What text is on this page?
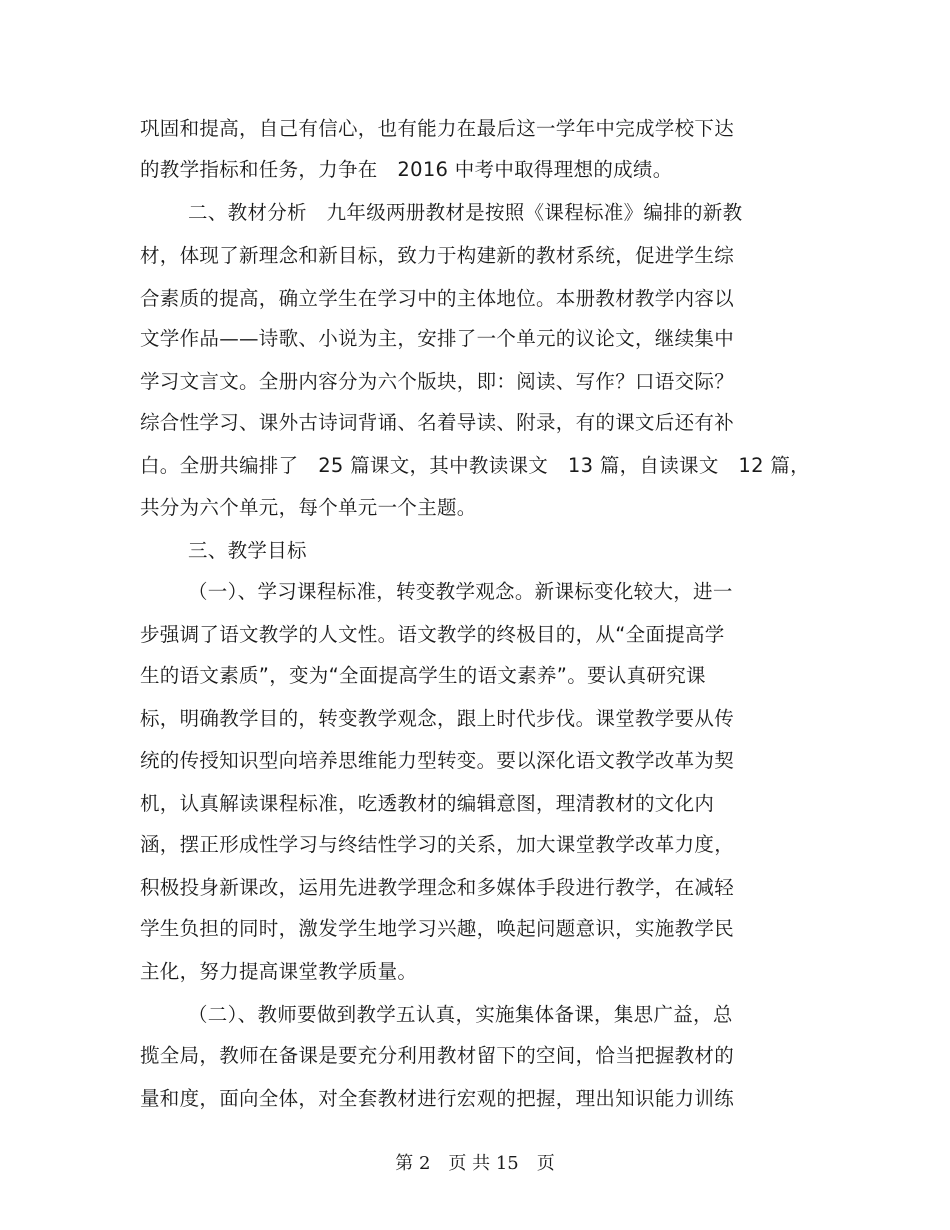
巩固和提高，自己有信心，也有能力在最后这一学年中完成学校下达

的教学指标和任务，力争在　2016 中考中取得理想的成绩。

二、教材分析　九年级两册教材是按照《课程标准》编排的新教

材，体现了新理念和新目标，致力于构建新的教材系统，促进学生综

合素质的提高，确立学生在学习中的主体地位。本册教材教学内容以

文学作品——诗歌、小说为主，安排了一个单元的议论文，继续集中

学习文言文。全册内容分为六个版块，即：阅读、写作？口语交际？

综合性学习、课外古诗词背诵、名着导读、附录，有的课文后还有补

白。全册共编排了　25 篇课文，其中教读课文　13 篇，自读课文　12 篇，

共分为六个单元，每个单元一个主题。

三、教学目标

（一）、学习课程标准，转变教学观念。新课标变化较大，进一

步强调了语文教学的人文性。语文教学的终极目的，从“全面提高学

生的语文素质”，变为“全面提高学生的语文素养”。要认真研究课

标，明确教学目的，转变教学观念，跟上时代步伐。课堂教学要从传

统的传授知识型向培养思维能力型转变。要以深化语文教学改革为契

机，认真解读课程标准，吃透教材的编辑意图，理清教材的文化内

涵，摆正形成性学习与终结性学习的关系，加大课堂教学改革力度，

积极投身新课改，运用先进教学理念和多媒体手段进行教学，在减轻

学生负担的同时，激发学生地学习兴趣，唤起问题意识，实施教学民

主化，努力提高课堂教学质量。

（二）、教师要做到教学五认真，实施集体备课，集思广益，总

揽全局，教师在备课是要充分利用教材留下的空间，恰当把握教材的

量和度，面向全体，对全套教材进行宏观的把握，理出知识能力训练

第 2　页 共 15　页
